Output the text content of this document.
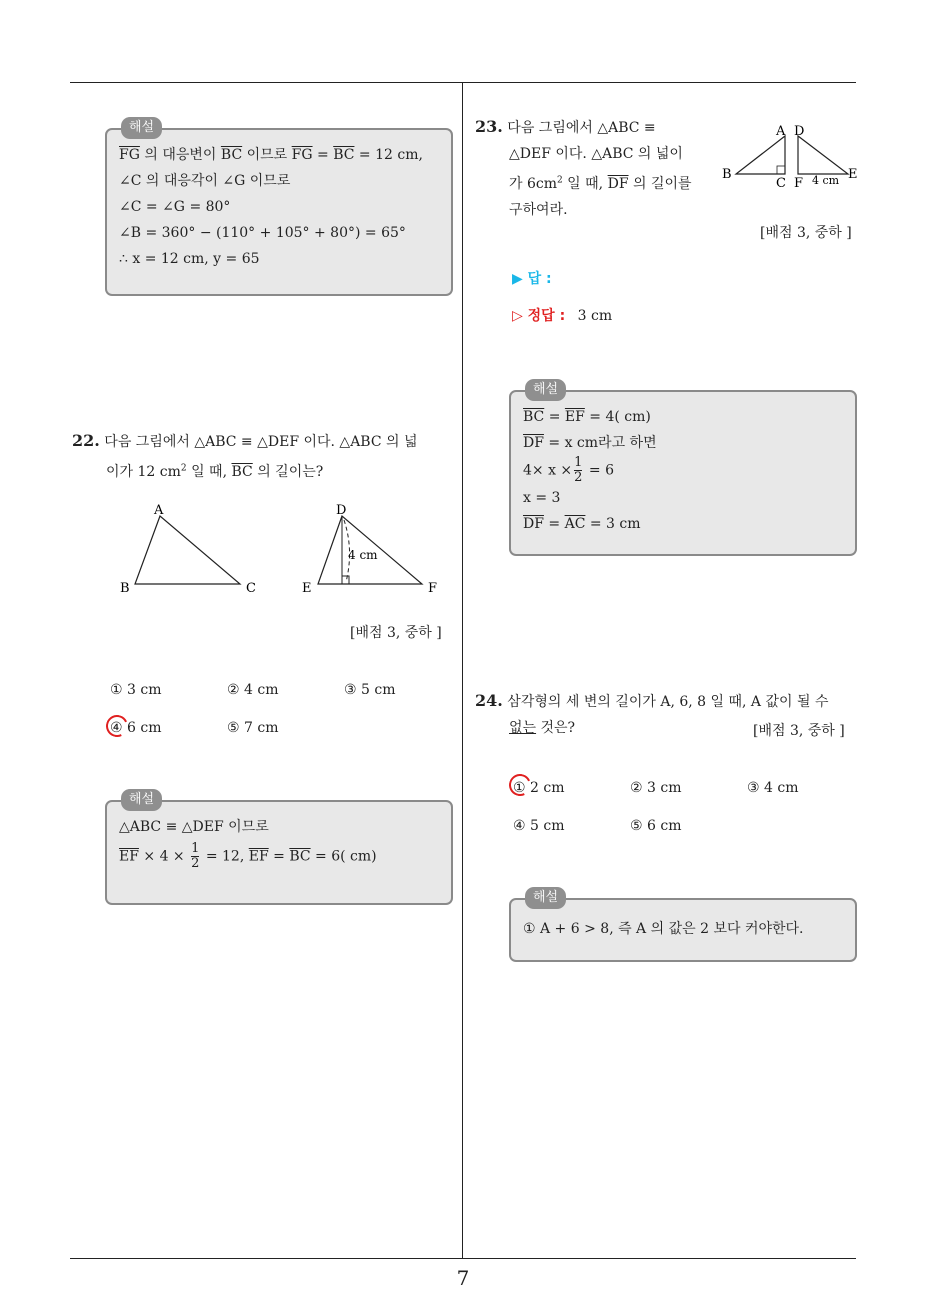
해설
$\overline{FG}$ 의 대응변이 $\overline{BC}$ 이므로 $\overline{FG} = \overline{BC} = 12$ cm,
∠C 의 대응각이 ∠G 이므로
∠C = ∠G = 80°
∠B = 360° − (110° + 105° + 80°) = 65°
∴ x = 12 cm, y = 65
22. 다음 그림에서 △ABC ≡ △DEF 이다. △ABC 의 넓
이가 12 $cm^2$ 일 때, $\overline{BC}$ 의 길이는?
A
B	C
D
E	F
4 cm
[배점 3, 중하 ]
① 3 cm	② 4 cm	③ 5 cm
④ 6 cm	⑤ 7 cm
해설
△ABC ≡ △DEF 이므로
$\overline{EF} \times 4 \times \frac{1}{2} = 12$, $\overline{EF} = \overline{BC} = 6$( cm)
23. 다음 그림에서 △ABC ≡
△DEF 이다. △ABC 의 넓이
가 $6cm^2$ 일 때, $\overline{DF}$ 의 길이를
구하여라.
A D
B
C F
E
4 cm
[배점 3, 중하 ]
▶ 답 :
▷ 정답 : 3 cm
해설
$\overline{BC} = \overline{EF} = 4$( cm)
$\overline{DF} = x$ cm라고 하면
$4\times x \times \frac{1}{2} = 6$
x = 3
$\overline{DF} = \overline{AC} = 3$ cm
24. 삼각형의 세 변의 길이가 A, 6, 8 일 때, A 값이 될 수
없는 것은?	[배점 3, 중하 ]
① 2 cm	② 3 cm	③ 4 cm
④ 5 cm	⑤ 6 cm
해설
① A + 6 > 8, 즉 A 의 값은 2 보다 커야한다.
7
